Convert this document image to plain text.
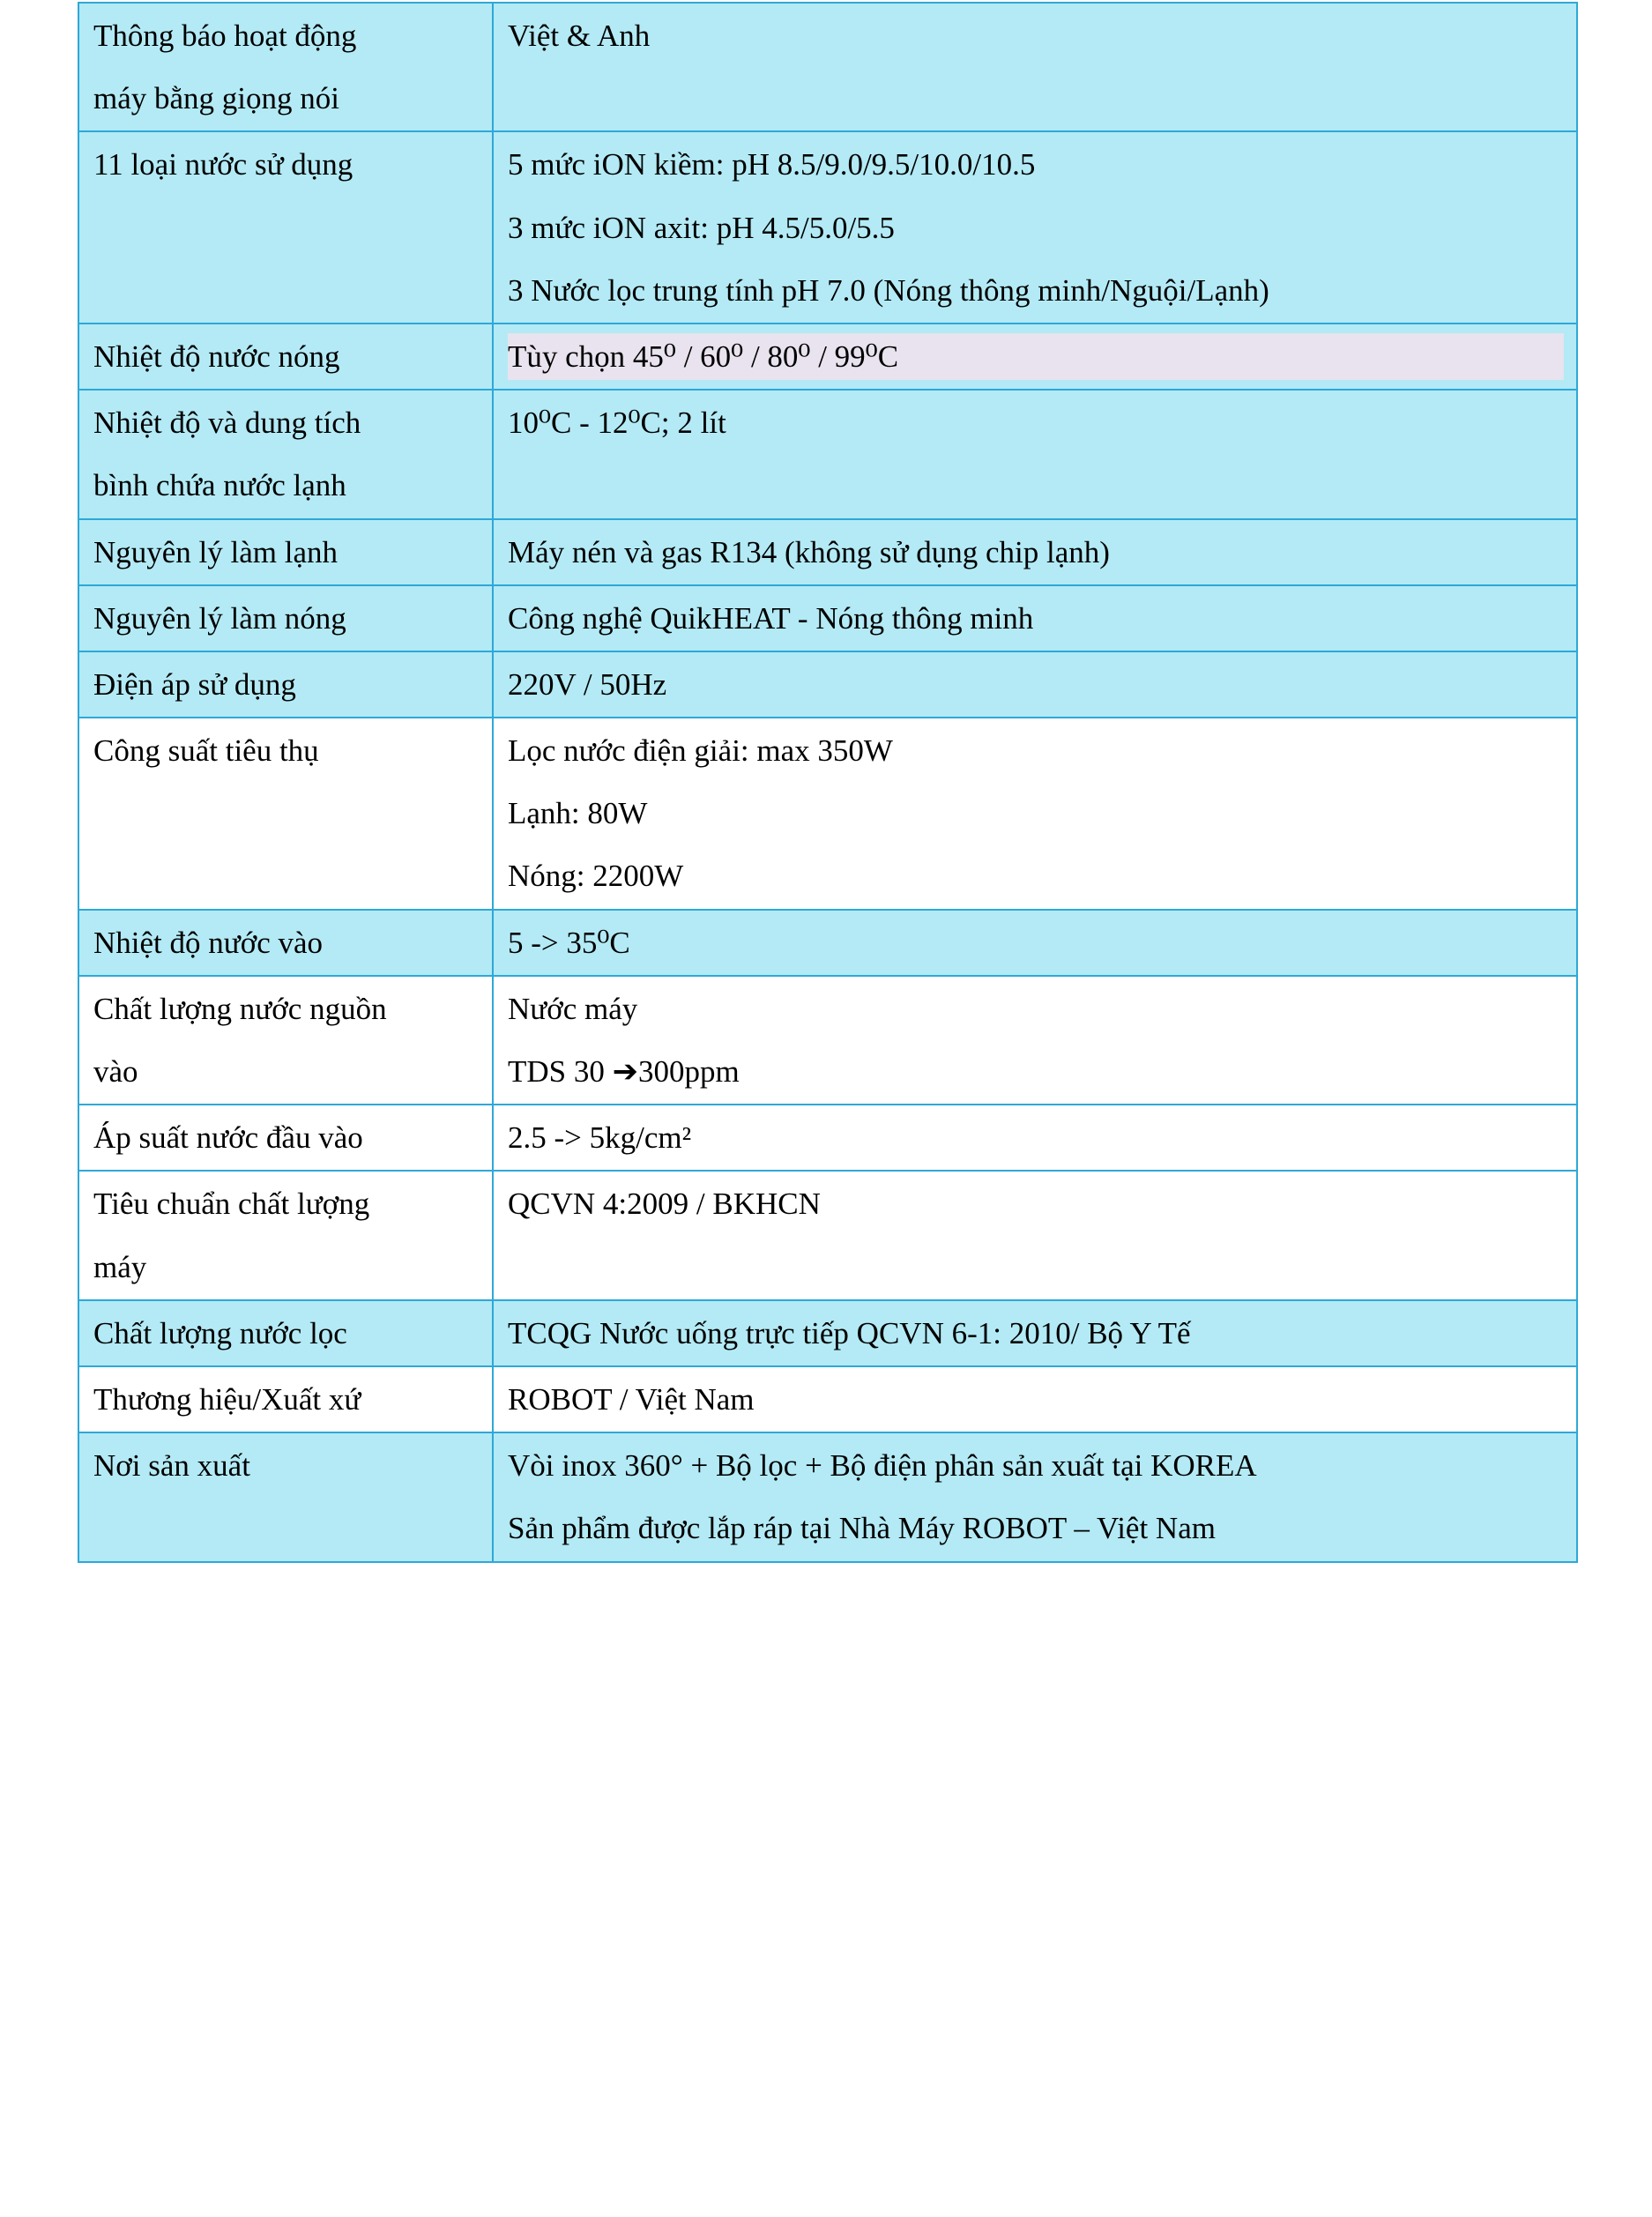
Thông báo hoạt động
máy bằng giọng nói	Việt & Anh

11 loại nước sử dụng	5 mức iON kiềm: pH 8.5/9.0/9.5/10.0/10.5
3 mức iON axit: pH 4.5/5.0/5.5
3 Nước lọc trung tính pH 7.0 (Nóng thông minh/Nguội/Lạnh)

Nhiệt độ nước nóng	Tùy chọn 45⁰ / 60⁰ / 80⁰ / 99⁰C

Nhiệt độ và dung tích
bình chứa nước lạnh	10⁰C - 12⁰C; 2 lít

Nguyên lý làm lạnh	Máy nén và gas R134 (không sử dụng chip lạnh)

Nguyên lý làm nóng	Công nghệ QuikHEAT - Nóng thông minh

Điện áp sử dụng	220V / 50Hz

Công suất tiêu thụ	Lọc nước điện giải: max 350W
Lạnh: 80W
Nóng: 2200W

Nhiệt độ nước vào	5 -> 35⁰C

Chất lượng nước nguồn
vào	Nước máy
TDS 30 ➔300ppm

Áp suất nước đầu vào	2.5 -> 5kg/cm²

Tiêu chuẩn chất lượng
máy	QCVN 4:2009 / BKHCN

Chất lượng nước lọc	TCQG Nước uống trực tiếp QCVN 6-1: 2010/ Bộ Y Tế

Thương hiệu/Xuất xứ	ROBOT / Việt Nam

Nơi sản xuất	Vòi inox 360° + Bộ lọc + Bộ điện phân sản xuất tại KOREA
Sản phẩm được lắp ráp tại Nhà Máy ROBOT – Việt Nam
